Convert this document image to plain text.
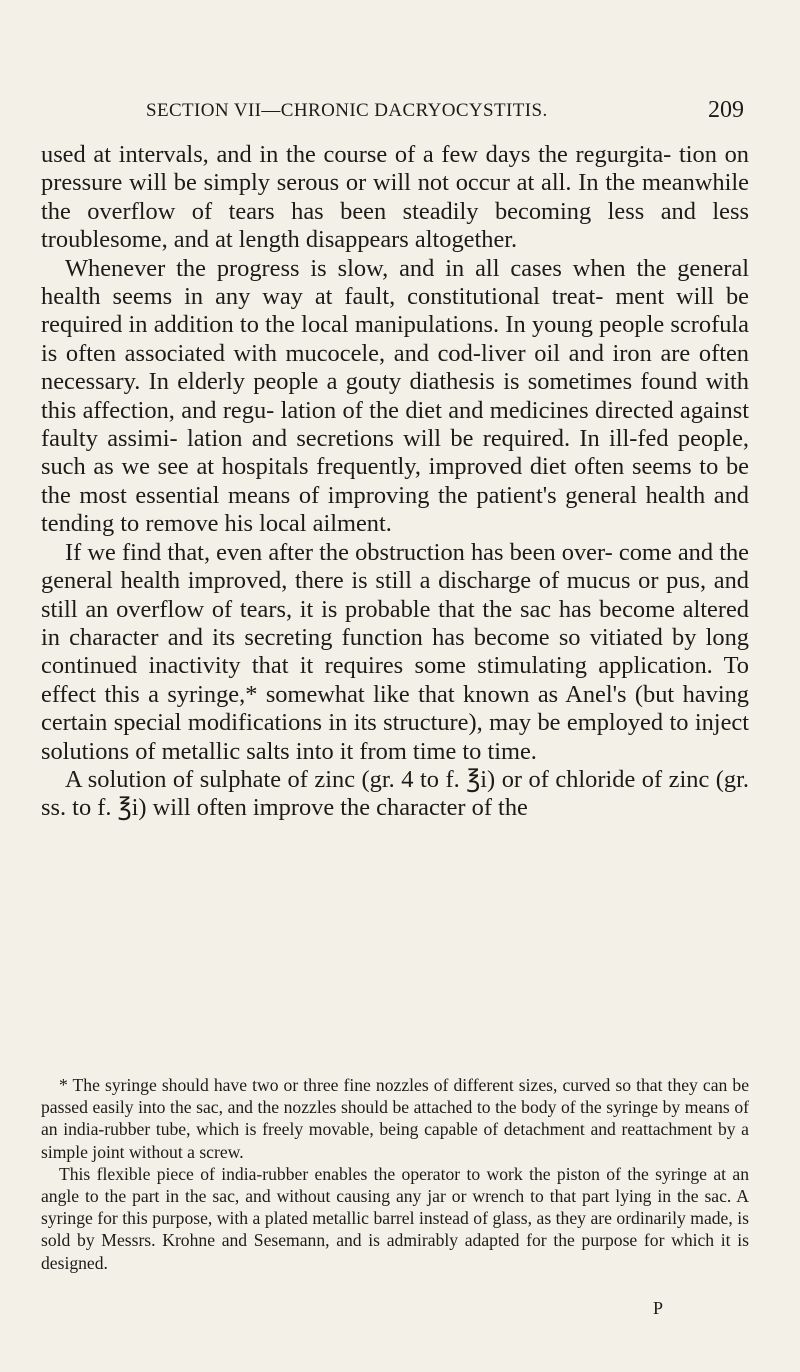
SECTION VII—CHRONIC DACRYOCYSTITIS.	209

used at intervals, and in the course of a few days the regurgita- tion on pressure will be simply serous or will not occur at all. In the meanwhile the overflow of tears has been steadily becoming less and less troublesome, and at length disappears altogether.

Whenever the progress is slow, and in all cases when the general health seems in any way at fault, constitutional treat- ment will be required in addition to the local manipulations. In young people scrofula is often associated with mucocele, and cod-liver oil and iron are often necessary. In elderly people a gouty diathesis is sometimes found with this affection, and regu- lation of the diet and medicines directed against faulty assimi- lation and secretions will be required. In ill-fed people, such as we see at hospitals frequently, improved diet often seems to be the most essential means of improving the patient's general health and tending to remove his local ailment.

If we find that, even after the obstruction has been over- come and the general health improved, there is still a discharge of mucus or pus, and still an overflow of tears, it is probable that the sac has become altered in character and its secreting function has become so vitiated by long continued inactivity that it requires some stimulating application. To effect this a syringe,* somewhat like that known as Anel's (but having certain special modifications in its structure), may be employed to inject solutions of metallic salts into it from time to time.

A solution of sulphate of zinc (gr. 4 to f. ℥i) or of chloride of zinc (gr. ss. to f. ℥i) will often improve the character of the

* The syringe should have two or three fine nozzles of different sizes, curved so that they can be passed easily into the sac, and the nozzles should be attached to the body of the syringe by means of an india-rubber tube, which is freely movable, being capable of detachment and reattachment by a simple joint without a screw.

This flexible piece of india-rubber enables the operator to work the piston of the syringe at an angle to the part in the sac, and without causing any jar or wrench to that part lying in the sac. A syringe for this purpose, with a plated metallic barrel instead of glass, as they are ordinarily made, is sold by Messrs. Krohne and Sesemann, and is admirably adapted for the purpose for which it is designed.

P
